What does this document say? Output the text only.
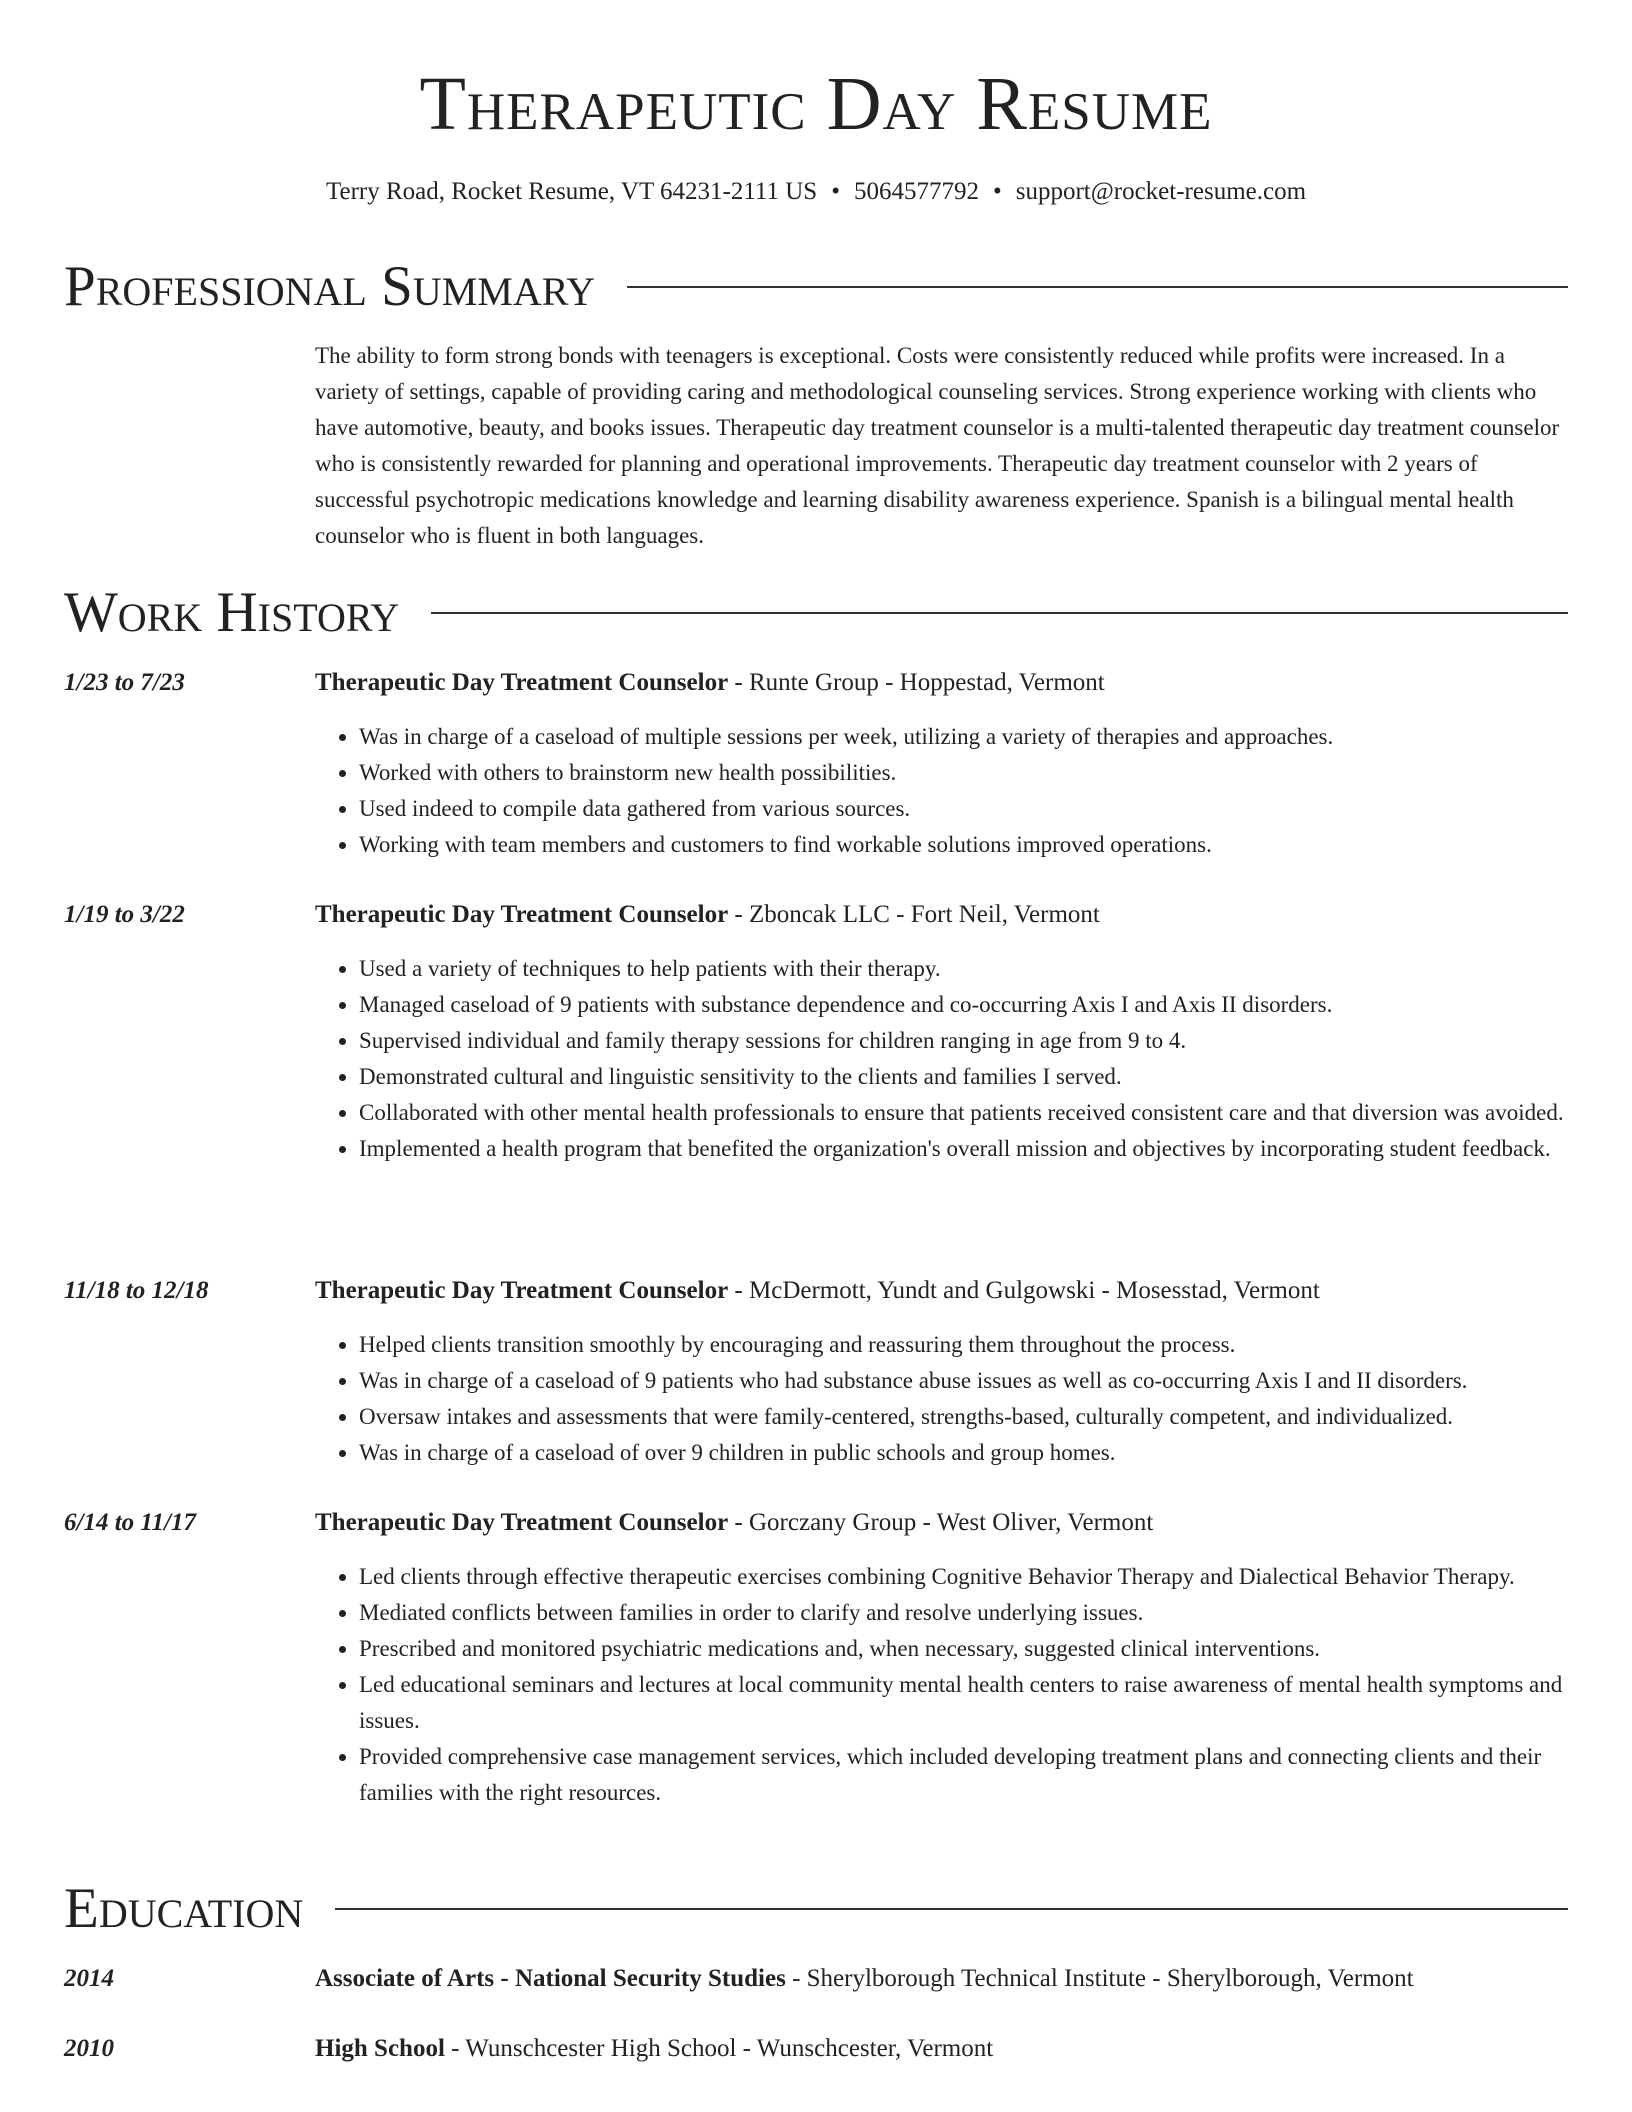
Therapeutic Day Resume
Terry Road, Rocket Resume, VT 64231-2111 US • 5064577792 • support@rocket-resume.com
Professional Summary
The ability to form strong bonds with teenagers is exceptional. Costs were consistently reduced while profits were increased. In a variety of settings, capable of providing caring and methodological counseling services. Strong experience working with clients who have automotive, beauty, and books issues. Therapeutic day treatment counselor is a multi-talented therapeutic day treatment counselor who is consistently rewarded for planning and operational improvements. Therapeutic day treatment counselor with 2 years of successful psychotropic medications knowledge and learning disability awareness experience. Spanish is a bilingual mental health counselor who is fluent in both languages.
Work History
1/23 to 7/23	Therapeutic Day Treatment Counselor - Runte Group - Hoppestad, Vermont
• Was in charge of a caseload of multiple sessions per week, utilizing a variety of therapies and approaches.
• Worked with others to brainstorm new health possibilities.
• Used indeed to compile data gathered from various sources.
• Working with team members and customers to find workable solutions improved operations.
1/19 to 3/22	Therapeutic Day Treatment Counselor - Zboncak LLC - Fort Neil, Vermont
• Used a variety of techniques to help patients with their therapy.
• Managed caseload of 9 patients with substance dependence and co-occurring Axis I and Axis II disorders.
• Supervised individual and family therapy sessions for children ranging in age from 9 to 4.
• Demonstrated cultural and linguistic sensitivity to the clients and families I served.
• Collaborated with other mental health professionals to ensure that patients received consistent care and that diversion was avoided.
• Implemented a health program that benefited the organization's overall mission and objectives by incorporating student feedback.
11/18 to 12/18	Therapeutic Day Treatment Counselor - McDermott, Yundt and Gulgowski - Mosesstad, Vermont
• Helped clients transition smoothly by encouraging and reassuring them throughout the process.
• Was in charge of a caseload of 9 patients who had substance abuse issues as well as co-occurring Axis I and II disorders.
• Oversaw intakes and assessments that were family-centered, strengths-based, culturally competent, and individualized.
• Was in charge of a caseload of over 9 children in public schools and group homes.
6/14 to 11/17	Therapeutic Day Treatment Counselor - Gorczany Group - West Oliver, Vermont
• Led clients through effective therapeutic exercises combining Cognitive Behavior Therapy and Dialectical Behavior Therapy.
• Mediated conflicts between families in order to clarify and resolve underlying issues.
• Prescribed and monitored psychiatric medications and, when necessary, suggested clinical interventions.
• Led educational seminars and lectures at local community mental health centers to raise awareness of mental health symptoms and issues.
• Provided comprehensive case management services, which included developing treatment plans and connecting clients and their families with the right resources.
Education
2014	Associate of Arts - National Security Studies - Sherylborough Technical Institute - Sherylborough, Vermont
2010	High School - Wunschcester High School - Wunschcester, Vermont
